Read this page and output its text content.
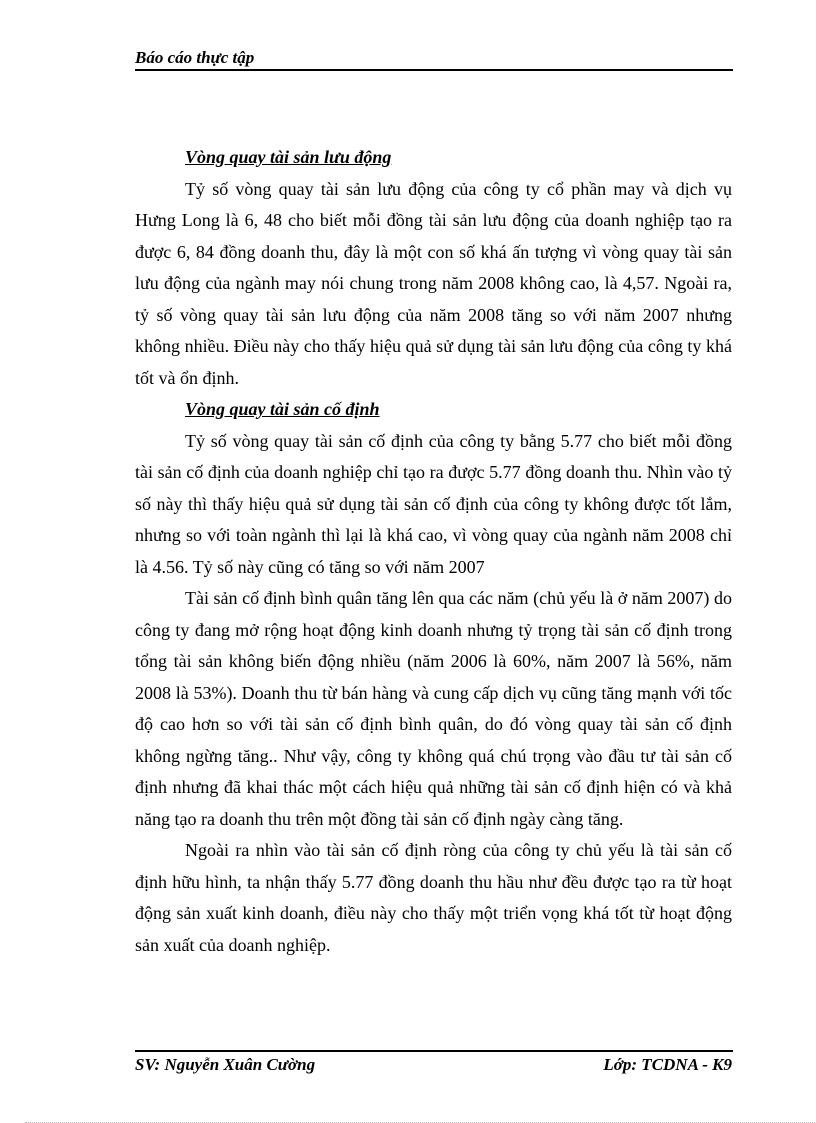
Báo cáo thực tập

Vòng quay tài sản lưu động

Tỷ số vòng quay tài sản lưu động của công ty cổ phần may và dịch vụ Hưng Long là 6, 48 cho biết mỗi đồng tài sản lưu động của doanh nghiệp tạo ra được 6, 84 đồng doanh thu, đây là một con số khá ấn tượng vì vòng quay tài sản lưu động của ngành may nói chung trong năm 2008 không cao, là 4,57. Ngoài ra, tỷ số vòng quay tài sản lưu động của năm 2008 tăng so với năm 2007 nhưng không nhiều. Điều này cho thấy hiệu quả sử dụng tài sản lưu động của công ty khá tốt và ổn định.

Vòng quay tài sản cố định

Tỷ số vòng quay tài sản cố định của công ty bằng 5.77 cho biết mỗi đồng tài sản cố định của doanh nghiệp chỉ tạo ra được 5.77 đồng doanh thu. Nhìn vào tỷ số này thì thấy hiệu quả sử dụng tài sản cố định của công ty không được tốt lắm, nhưng so với toàn ngành thì lại là khá cao, vì vòng quay của ngành năm 2008 chỉ là 4.56. Tỷ số này cũng có tăng so với năm 2007

Tài sản cố định bình quân tăng lên qua các năm (chủ yếu là ở năm 2007) do công ty đang mở rộng hoạt động kinh doanh nhưng tỷ trọng tài sản cố định trong tổng tài sản không biến động nhiều (năm 2006 là 60%, năm 2007 là 56%, năm 2008 là 53%). Doanh thu từ bán hàng và cung cấp dịch vụ cũng tăng mạnh với tốc độ cao hơn so với tài sản cố định bình quân, do đó vòng quay tài sản cố định không ngừng tăng.. Như vậy, công ty không quá chú trọng vào đầu tư tài sản cố định nhưng đã khai thác một cách hiệu quả những tài sản cố định hiện có và khả năng tạo ra doanh thu trên một đồng tài sản cố định ngày càng tăng.

Ngoài ra nhìn vào tài sản cố định ròng của công ty chủ yếu là tài sản cố định hữu hình, ta nhận thấy 5.77 đồng doanh thu hầu như đều được tạo ra từ hoạt động sản xuất kinh doanh, điều này cho thấy một triển vọng khá tốt từ hoạt động sản xuất của doanh nghiệp.

SV: Nguyễn Xuân Cường	Lớp: TCDNA - K9
